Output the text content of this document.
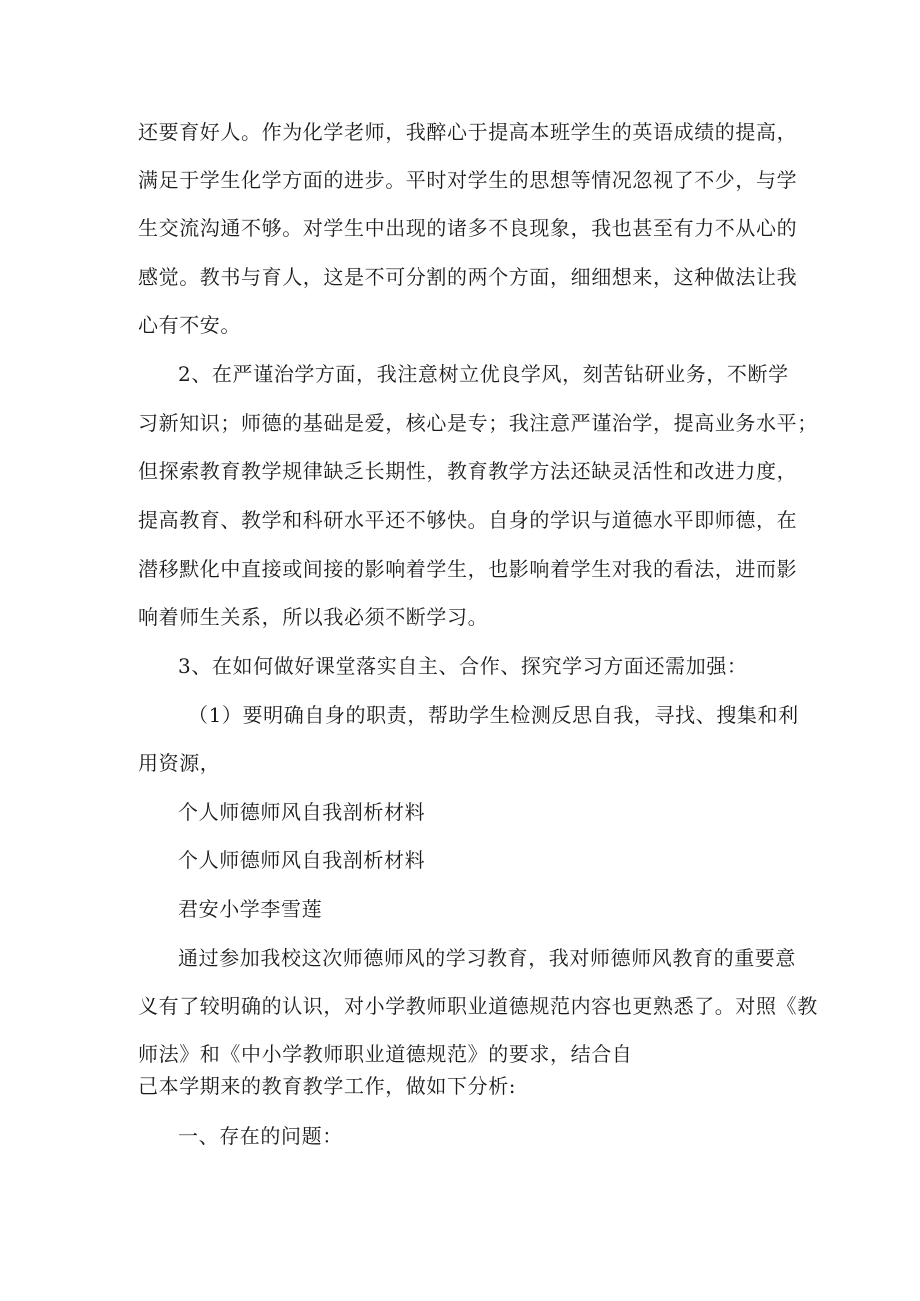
还要育好人。作为化学老师，我醉心于提高本班学生的英语成绩的提高，
满足于学生化学方面的进步。平时对学生的思想等情况忽视了不少，与学
生交流沟通不够。对学生中出现的诸多不良现象，我也甚至有力不从心的
感觉。教书与育人，这是不可分割的两个方面，细细想来，这种做法让我
心有不安。
2、在严谨治学方面，我注意树立优良学风，刻苦钻研业务，不断学
习新知识；师德的基础是爱，核心是专；我注意严谨治学，提高业务水平；
但探索教育教学规律缺乏长期性，教育教学方法还缺灵活性和改进力度，
提高教育、教学和科研水平还不够快。自身的学识与道德水平即师德，在
潜移默化中直接或间接的影响着学生，也影响着学生对我的看法，进而影
响着师生关系，所以我必须不断学习。
3、在如何做好课堂落实自主、合作、探究学习方面还需加强：
（1）要明确自身的职责，帮助学生检测反思自我，寻找、搜集和利
用资源，
个人师德师风自我剖析材料
个人师德师风自我剖析材料
君安小学李雪莲
通过参加我校这次师德师风的学习教育，我对师德师风教育的重要意
义有了较明确的认识，对小学教师职业道德规范内容也更熟悉了。对照《教
师法》和《中小学教师职业道德规范》的要求，结合自
己本学期来的教育教学工作，做如下分析:
一、存在的问题：
